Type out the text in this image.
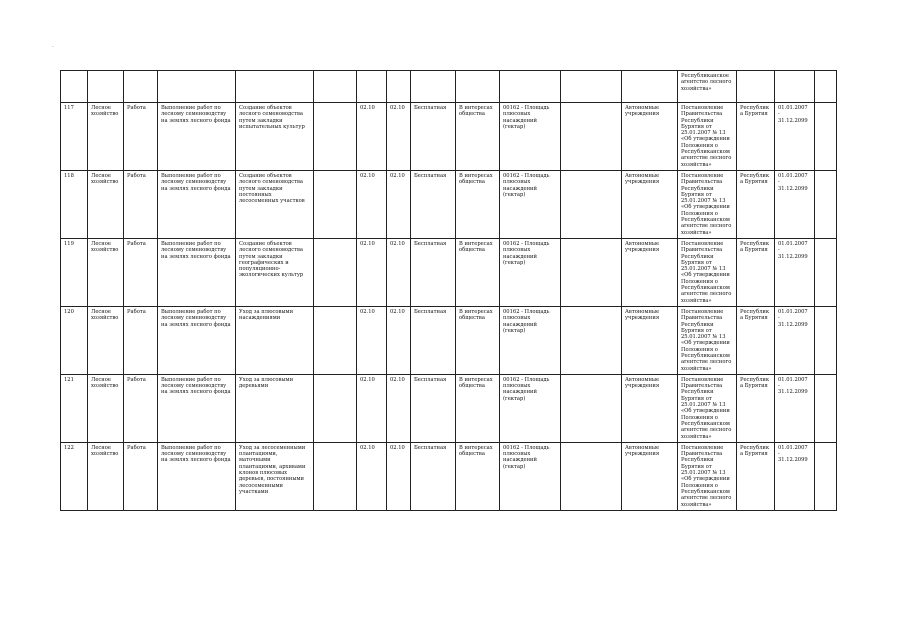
·
													Республиканское агентство лесного хозяйства»			
117	Лесное хозяйство	Работа	Выполнение работ по лесному семеноводству на землях лесного фонда	Создание объектов лесного семеноводства путем закладки испытательных культур		02.10	02.10	Бесплатная	В интересах общества	00162 - Площадь плюсовых насаждений (гектар)		Автономные учреждения	Постановление Правительства Республики Бурятия от 25.01.2007 № 13 «Об утверждении Положения о Республиканском агентстве лесного хозяйства»	Республика Бурятия	01.01.2007 - 31.12.2099	
118	Лесное хозяйство	Работа	Выполнение работ по лесному семеноводству на землях лесного фонда	Создание объектов лесного семеноводства путем закладки постоянных лесосеменных участков		02.10	02.10	Бесплатная	В интересах общества	00162 - Площадь плюсовых насаждений (гектар)		Автономные учреждения	Постановление Правительства Республики Бурятия от 25.01.2007 № 13 «Об утверждении Положения о Республиканском агентстве лесного хозяйства»	Республика Бурятия	01.01.2007 - 31.12.2099	
119	Лесное хозяйство	Работа	Выполнение работ по лесному семеноводству на землях лесного фонда	Создание объектов лесного семеноводства путем закладки географических и популяционно-экологических культур		02.10	02.10	Бесплатная	В интересах общества	00162 - Площадь плюсовых насаждений (гектар)		Автономные учреждения	Постановление Правительства Республики Бурятия от 25.01.2007 № 13 «Об утверждении Положения о Республиканском агентстве лесного хозяйства»	Республика Бурятия	01.01.2007 - 31.12.2099	
120	Лесное хозяйство	Работа	Выполнение работ по лесному семеноводству на землях лесного фонда	Уход за плюсовыми насаждениями		02.10	02.10	Бесплатная	В интересах общества	00162 - Площадь плюсовых насаждений (гектар)		Автономные учреждения	Постановление Правительства Республики Бурятия от 25.01.2007 № 13 «Об утверждении Положения о Республиканском агентстве лесного хозяйства»	Республика Бурятия	01.01.2007 - 31.12.2099	
121	Лесное хозяйство	Работа	Выполнение работ по лесному семеноводству на землях лесного фонда	Уход за плюсовыми деревьями		02.10	02.10	Бесплатная	В интересах общества	00162 - Площадь плюсовых насаждений (гектар)		Автономные учреждения	Постановление Правительства Республики Бурятия от 25.01.2007 № 13 «Об утверждении Положения о Республиканском агентстве лесного хозяйства»	Республика Бурятия	01.01.2007 - 31.12.2099	
122	Лесное хозяйство	Работа	Выполнение работ по лесному семеноводству на землях лесного фонда	Уход за лесосеменными плантациями, маточными плантациями, архивами клонов плюсовых деревьев, постоянными лесосеменными участками		02.10	02.10	Бесплатная	В интересах общества	00162 - Площадь плюсовых насаждений (гектар)		Автономные учреждения	Постановление Правительства Республики Бурятия от 25.01.2007 № 13 «Об утверждении Положения о Республиканском агентстве лесного хозяйства»	Республика Бурятия	01.01.2007 - 31.12.2099	
